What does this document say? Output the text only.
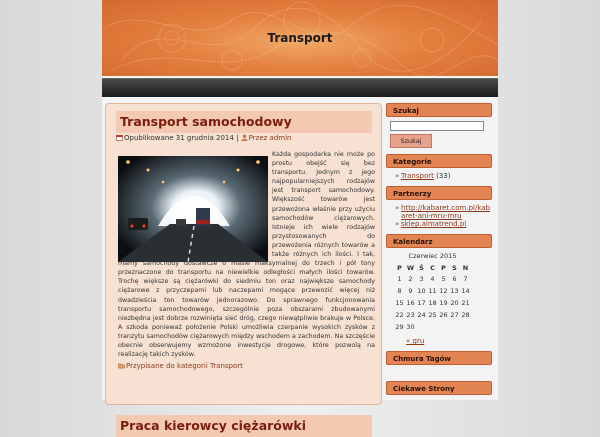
Transport
Transport samochodowy
Opublikowane 31 grudnia 2014 | Przez admin
Każda gospodarka nie może po prostu obejść się bez transportu. Jednym z jego najpopularniejszych rodzajów jest transport samochodowy. Większość towarów jest przewożona właśnie przy użyciu samochodów ciężarowych. Istnieje ich wiele rodzajów przystosowanych do przewożenia różnych towarów a także różnych ich ilości. I tak, mamy samochody dostawcze o masie maksymalnej do trzech i pół tony przeznaczone do transportu na niewielkie odległości małych ilości towarów. Trochę większe są ciężarówki do siedmiu ton oraz największe samochody ciężarowe z przyczepami lub naczepami mogące przewozić więcej niż dwadzieścia ton towarów jednorazowo. Do sprawnego funkcjonowania transportu samochodowego, szczególnie poza obszarami zbudowanymi niezbędna jest dobrze rozwinięta sieć dróg, czego niewątpliwie brakuje w Polsce. A szkoda ponieważ położenie Polski umożliwia czerpanie wysokich zysków z tranzytu samochodów ciężarowych między wschodem a zachodem. Na szczęście obecnie obserwujemy wzmożone inwestycje drogowe, które pozwolą na realizację takich zysków.
Przypisane do kategorii Transport
Praca kierowcy ciężarówki
Szukaj
Szukaj
Kategorie
» Transport (33)
Partnerzy
» http://kabaret.com.pl/kabaret-ani-mru-mru
» sklep.almatrend.pl
Kalendarz
Czerwiec 2015
P	W	Ś	C	P	S	N
1	2	3	4	5	6	7
8	9	10	11	12	13	14
15	16	17	18	19	20	21
22	23	24	25	26	27	28
29	30					
« gru
Chmura Tagów
Ciekawe Strony
